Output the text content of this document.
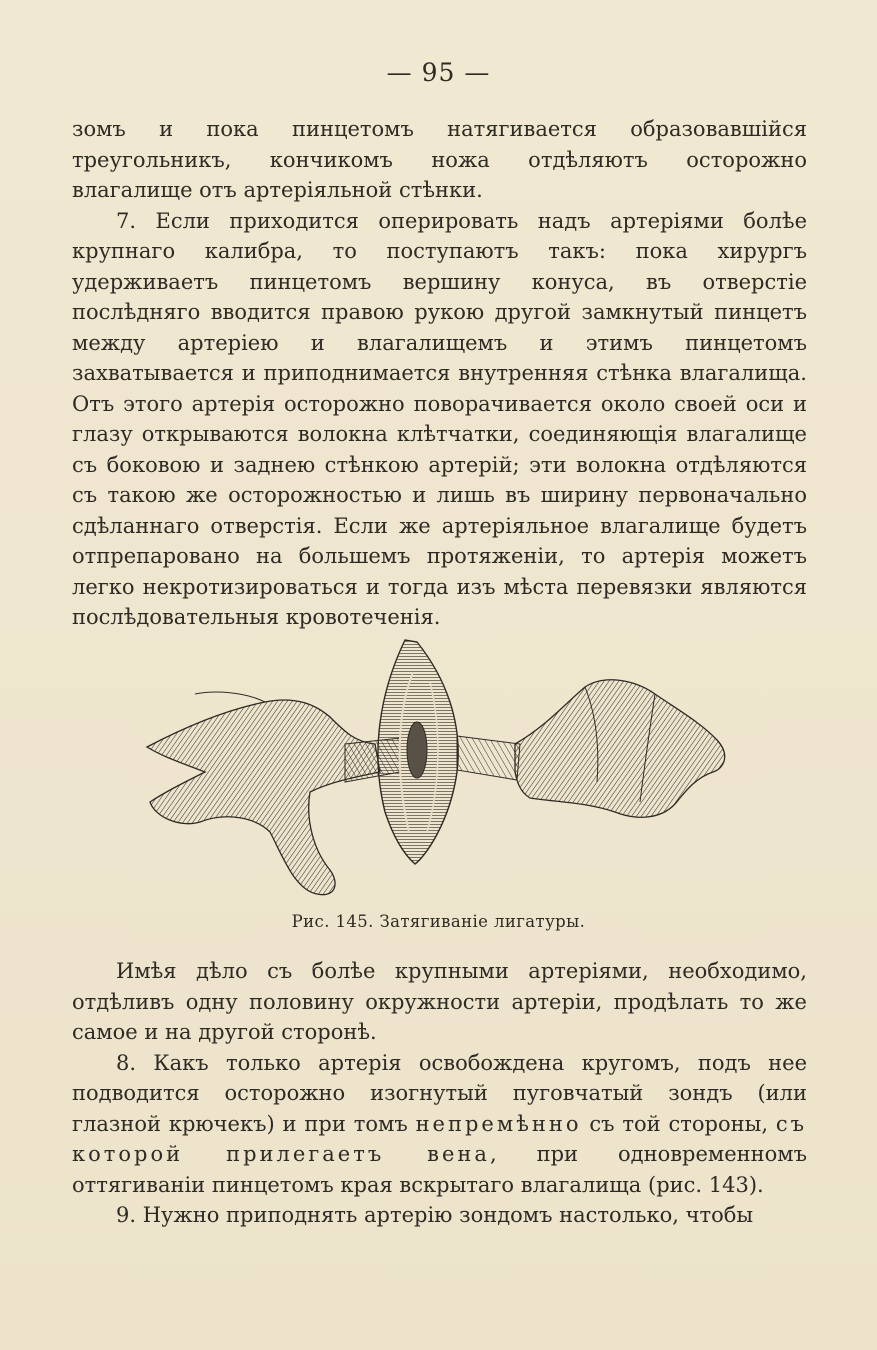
— 95 —

зомъ и пока пинцетомъ натягивается образовавшійся треугольникъ, кончикомъ ножа отдѣляютъ осторожно влагалище отъ артеріяльной стѣнки.

7. Если приходится оперировать надъ артеріями болѣе крупнаго калибра, то поступаютъ такъ: пока хирургъ удерживаетъ пинцетомъ вершину конуса, въ отверстіе послѣдняго вводится правою рукою другой замкнутый пинцетъ между артеріею и влагалищемъ и этимъ пинцетомъ захватывается и приподнимается внутренняя стѣнка влагалища. Отъ этого артерія осторожно поворачивается около своей оси и глазу открываются волокна клѣтчатки, соединяющія влагалище съ боковою и заднею стѣнкою артерій; эти волокна отдѣляются съ такою же осторожностью и лишь въ ширину первоначально сдѣланнаго отверстія. Если же артеріяльное влагалище будетъ отпрепаровано на большемъ протяженіи, то артерія можетъ легко некротизироваться и тогда изъ мѣста перевязки являются послѣдовательныя кровотеченія.

Рис. 145. Затягиваніе лигатуры.

Имѣя дѣло съ болѣе крупными артеріями, необходимо, отдѣливъ одну половину окружности артеріи, продѣлать то же самое и на другой сторонѣ.

8. Какъ только артерія освобождена кругомъ, подъ нее подводится осторожно изогнутый пуговчатый зондъ (или глазной крючекъ) и при томъ непремѣнно съ той стороны, съ которой прилегаетъ вена, при одновременномъ оттягиваніи пинцетомъ края вскрытаго влагалища (рис. 143).

9. Нужно приподнять артерію зондомъ настолько, чтобы
